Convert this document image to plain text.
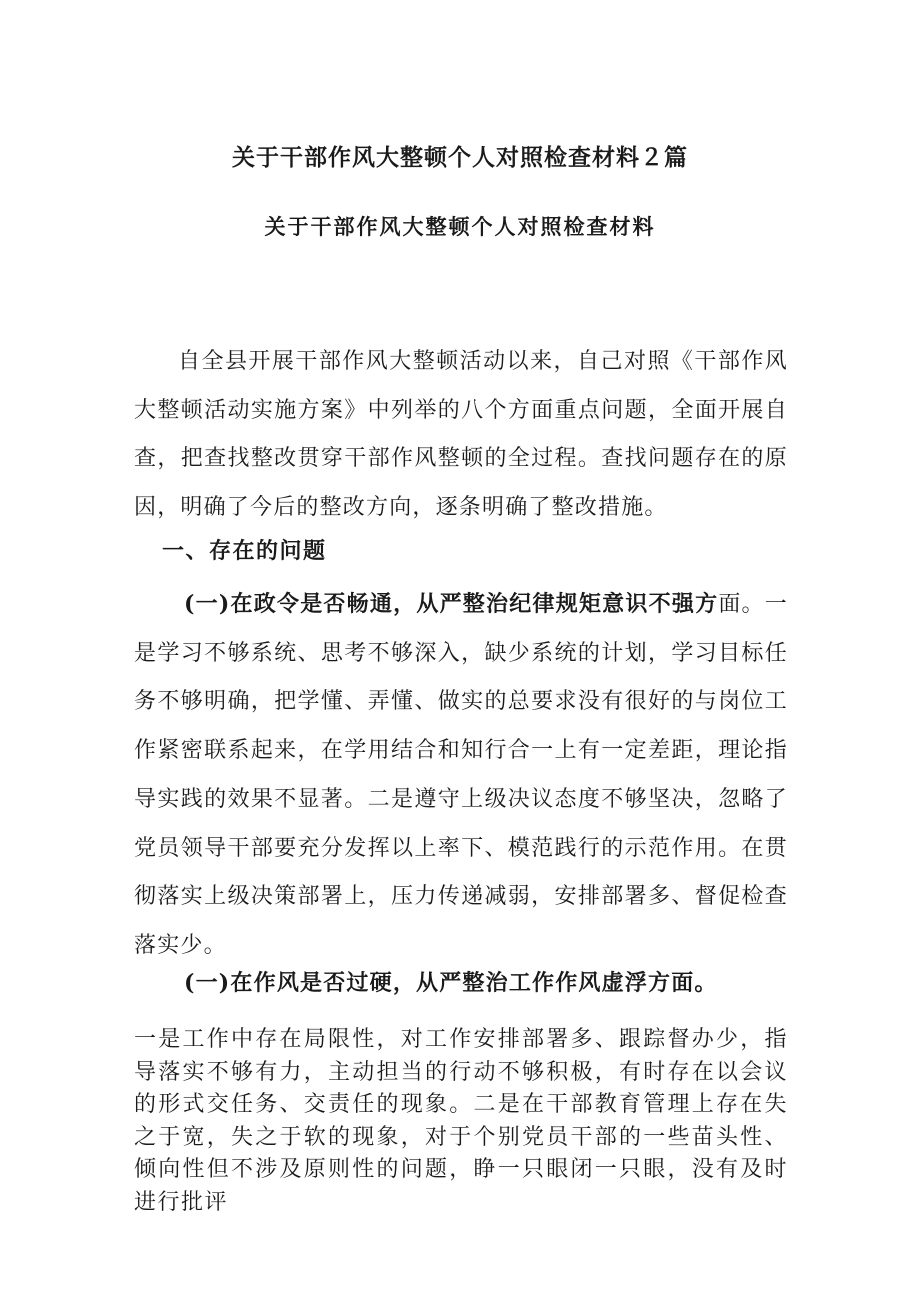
关于干部作风大整顿个人对照检查材料２篇
关于干部作风大整顿个人对照检查材料

自全县开展干部作风大整顿活动以来，自己对照《干部作风大整顿活动实施方案》中列举的八个方面重点问题，全面开展自查，把查找整改贯穿干部作风整顿的全过程。查找问题存在的原因，明确了今后的整改方向，逐条明确了整改措施。

一、存在的问题

(一)在政令是否畅通，从严整治纪律规矩意识不强方面。一是学习不够系统、思考不够深入，缺少系统的计划，学习目标任务不够明确，把学懂、弄懂、做实的总要求没有很好的与岗位工作紧密联系起来，在学用结合和知行合一上有一定差距，理论指导实践的效果不显著。二是遵守上级决议态度不够坚决，忽略了党员领导干部要充分发挥以上率下、模范践行的示范作用。在贯彻落实上级决策部署上，压力传递减弱，安排部署多、督促检查落实少。

(一)在作风是否过硬，从严整治工作作风虚浮方面。

一是工作中存在局限性，对工作安排部署多、跟踪督办少，指导落实不够有力，主动担当的行动不够积极，有时存在以会议的形式交任务、交责任的现象。二是在干部教育管理上存在失之于宽，失之于软的现象，对于个别党员干部的一些苗头性、倾向性但不涉及原则性的问题，睁一只眼闭一只眼，没有及时进行批评
